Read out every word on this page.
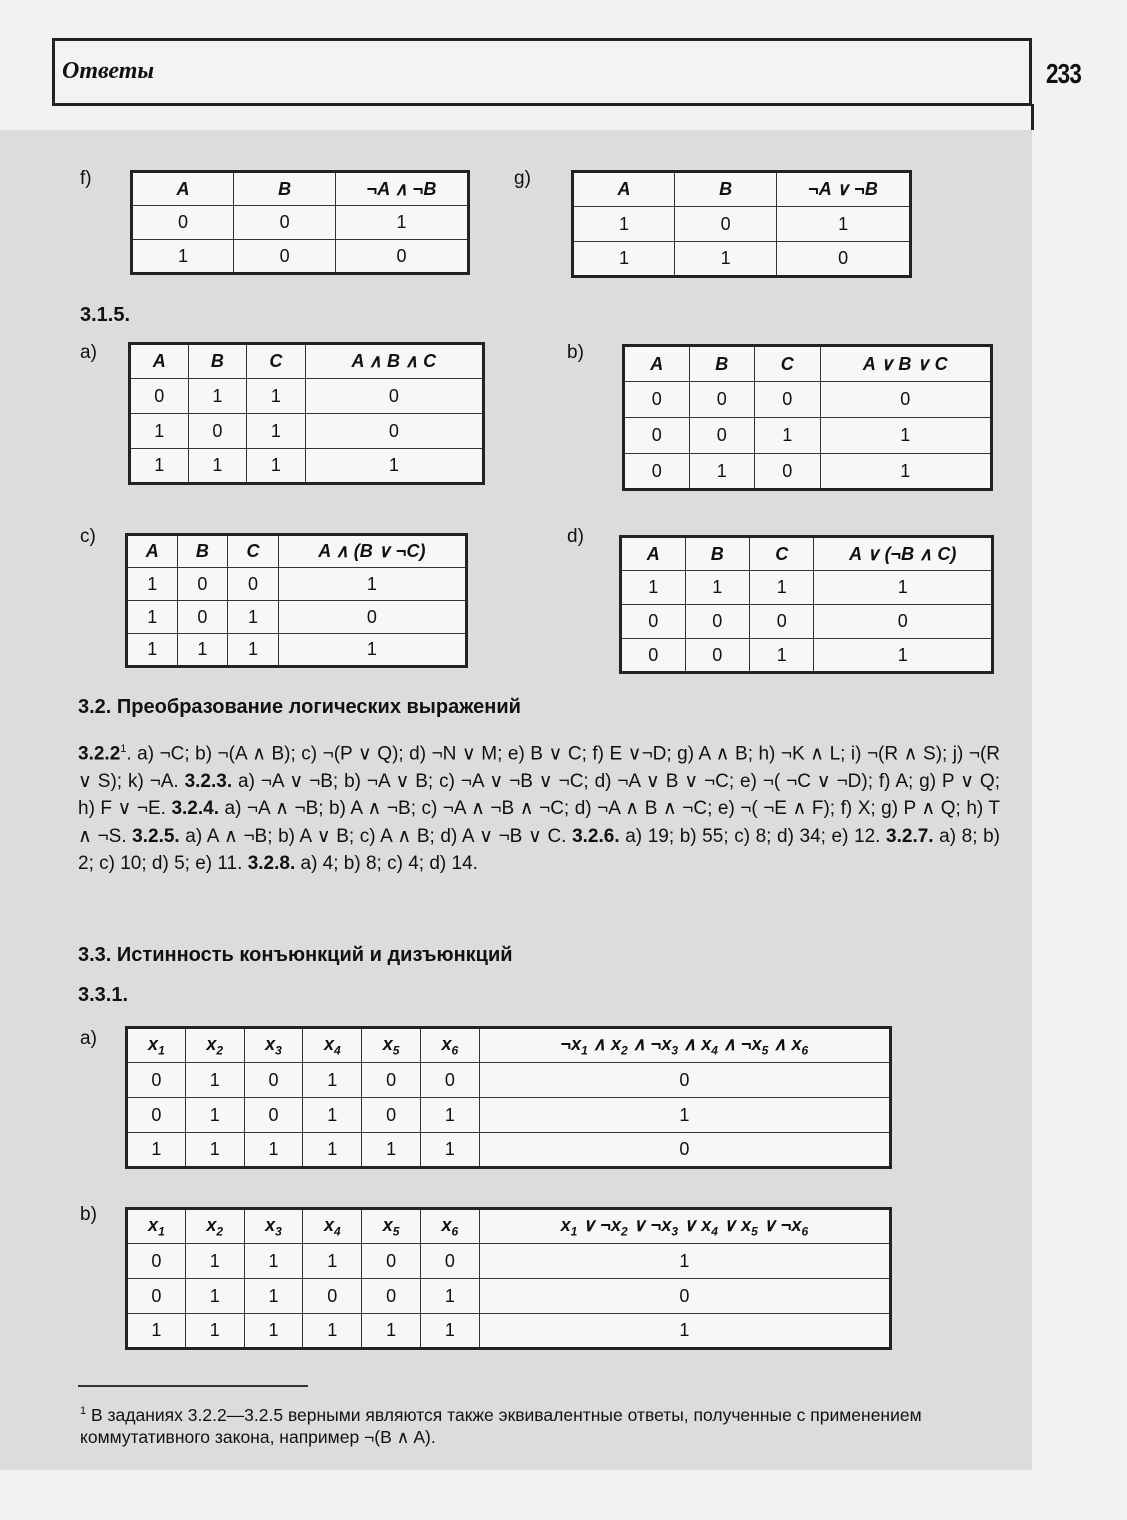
Ответы	233
f)	A	B	¬A ∧ ¬B
0	0	1
1	0	0
g)	A	B	¬A ∨ ¬B
1	0	1
1	1	0
3.1.5.
a)	A	B	C	A ∧ B ∧ C
0	1	1	0
1	0	1	0
1	1	1	1
b)
A	B	C	A ∨ B ∨ C
0	0	0	0
0	0	1	1
0	1	0	1
c)
A	B	C	A ∧ (B ∨ ¬C)
1	0	0	1
1	0	1	0
1	1	1	1
d)
A	B	C	A ∨ (¬B ∧ C)
1	1	1	1
0	0	0	0
0	0	1	1
3.2. Преобразование логических выражений
3.2.2$^1$. a) ¬C; b) ¬(A ∧ B); c) ¬(P ∨ Q); d) ¬N ∨ M; e) B ∨ C; f) E ∨¬D; g) A ∧ B; h) ¬K ∧ L; i) ¬(R ∧ S); j) ¬(R ∨ S); k) ¬A. 3.2.3. a) ¬A ∨ ¬B; b) ¬A ∨ B; c) ¬A ∨ ¬B ∨ ¬C; d) ¬A ∨ B ∨ ¬C; e) ¬( ¬C ∨ ¬D); f) A; g) P ∨ Q; h) F ∨ ¬E. 3.2.4. a) ¬A ∧ ¬B; b) A ∧ ¬B; c) ¬A ∧ ¬B ∧ ¬C; d) ¬A ∧ B ∧ ¬C; e) ¬( ¬E ∧ F); f) X; g) P ∧ Q; h) T ∧ ¬S. 3.2.5. a) A ∧ ¬B; b) A ∨ B; c) A ∧ B; d) A ∨ ¬B ∨ C. 3.2.6. a) 19; b) 55; c) 8; d) 34; e) 12. 3.2.7. a) 8; b) 2; c) 10; d) 5; e) 11. 3.2.8. a) 4; b) 8; c) 4; d) 14.
3.3. Истинность конъюнкций и дизъюнкций
3.3.1.
a)	$x_1$	$x_2$	$x_3$	$x_4$	$x_5$	$x_6$	$\neg x_1$ ∧ $x_2$ ∧ $\neg x_3$ ∧ $x_4$ ∧ $\neg x_5$ ∧ $x_6$
0	1	0	1	0	0	0
0	1	0	1	0	1	1
1	1	1	1	1	1	0
b)	$x_1$	$x_2$	$x_3$	$x_4$	$x_5$	$x_6$	$x_1$ ∨ $\neg x_2$ ∨ $\neg x_3$ ∨ $x_4$ ∨ $x_5$ ∨ $\neg x_6$
0	1	1	1	0	0	1
0	1	1	0	0	1	0
1	1	1	1	1	1	1
$^1$ В заданиях 3.2.2—3.2.5 верными являются также эквивалентные ответы, полученные с применением коммутативного закона, например ¬(B ∧ A).
